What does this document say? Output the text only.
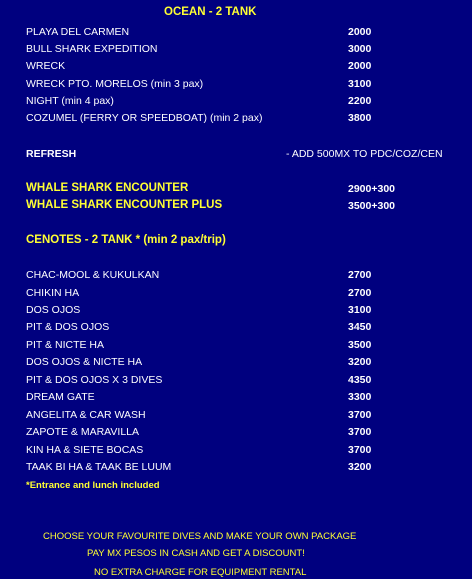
OCEAN - 2 TANK
PLAYA DEL CARMEN	2000
BULL SHARK EXPEDITION	3000
WRECK	2000
WRECK PTO. MORELOS (min 3 pax)	3100
NIGHT (min 4 pax)	2200
COZUMEL (FERRY OR SPEEDBOAT) (min 2 pax)	3800
REFRESH	- ADD 500MX TO PDC/COZ/CEN
WHALE SHARK ENCOUNTER	2900+300
WHALE SHARK ENCOUNTER PLUS	3500+300
CENOTES - 2 TANK * (min 2 pax/trip)
CHAC-MOOL & KUKULKAN	2700
CHIKIN HA	2700
DOS OJOS	3100
PIT & DOS OJOS	3450
PIT & NICTE HA	3500
DOS OJOS & NICTE HA	3200
PIT & DOS OJOS X 3 DIVES	4350
DREAM GATE	3300
ANGELITA & CAR WASH	3700
ZAPOTE & MARAVILLA	3700
KIN HA & SIETE BOCAS	3700
TAAK BI HA & TAAK BE LUUM	3200
*Entrance and lunch included
CHOOSE YOUR FAVOURITE DIVES AND MAKE YOUR OWN PACKAGE
PAY MX PESOS IN CASH AND GET A DISCOUNT!
NO EXTRA CHARGE FOR EQUIPMENT RENTAL
